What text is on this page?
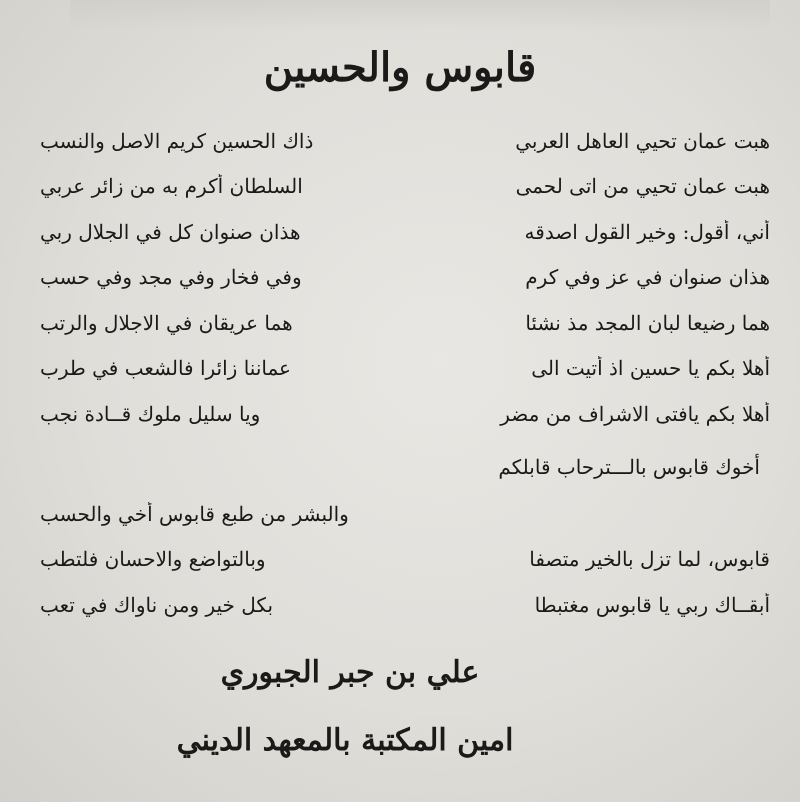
قابوس والحسين
هبت عمان تحيي العاهل العربي
ذاك الحسين كريم الاصل والنسب
هبت عمان تحيي من اتى لحمى
السلطان أكرم به من زائر عربي
أني، أقول: وخير القول اصدقه
هذان صنوان كل في الجلال ربي
هذان صنوان في عز وفي كرم
وفي فخار وفي مجد وفي حسب
هما رضيعا لبان المجد مذ نشئا
هما عريقان في الاجلال والرتب
أهلا بكم يا حسين اذ أتيت الى
عماننا زائرا فالشعب في طرب
أهلا بكم يافتى الاشراف من مضر
ويا سليل ملوك قــادة نجب
أخوك قابوس بالـــترحاب قابلكم
والبشر من طبع قابوس أخي والحسب
قابوس، لما تزل بالخير متصفا
وبالتواضع والاحسان فلتطب
أبقــاك ربي يا قابوس مغتبطا
بكل خير ومن ناواك في تعب
علي بن جبر الجبوري
امين المكتبة بالمعهد الديني
